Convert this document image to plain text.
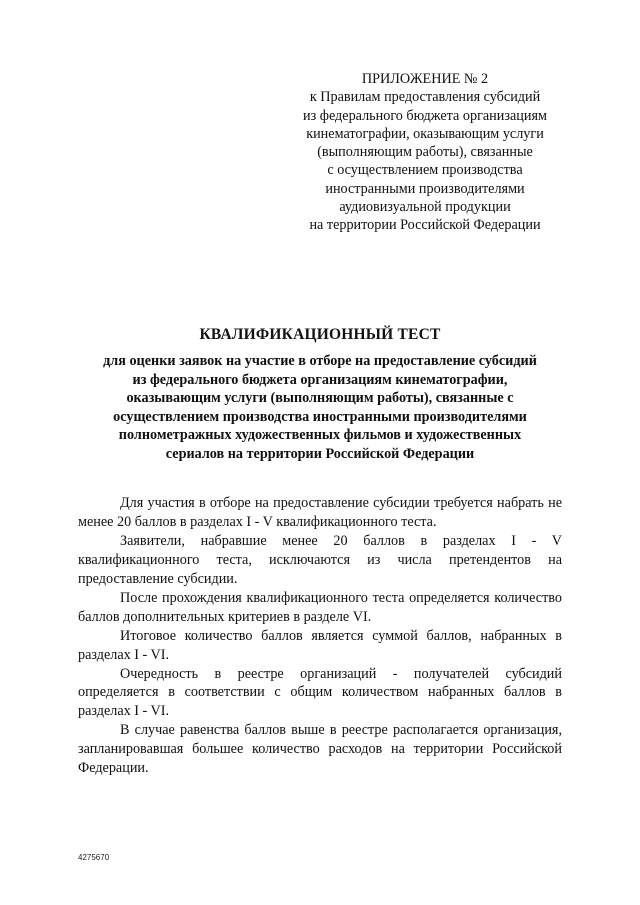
ПРИЛОЖЕНИЕ № 2
к Правилам предоставления субсидий
из федерального бюджета организациям
кинематографии, оказывающим услуги
(выполняющим работы), связанные
с осуществлением производства
иностранными производителями
аудиовизуальной продукции
на территории Российской Федерации
КВАЛИФИКАЦИОННЫЙ ТЕСТ
для оценки заявок на участие в отборе на предоставление субсидий
из федерального бюджета организациям кинематографии,
оказывающим услуги (выполняющим работы), связанные с
осуществлением производства иностранными производителями
полнометражных художественных фильмов и художественных
сериалов на территории Российской Федерации

Для участия в отборе на предоставление субсидии требуется набрать не менее 20 баллов в разделах I - V квалификационного теста.

Заявители, набравшие менее 20 баллов в разделах I - V квалификационного теста, исключаются из числа претендентов на предоставление субсидии.

После прохождения квалификационного теста определяется количество баллов дополнительных критериев в разделе VI.

Итоговое количество баллов является суммой баллов, набранных в разделах I - VI.

Очередность в реестре организаций - получателей субсидий определяется в соответствии с общим количеством набранных баллов в разделах I - VI.

В случае равенства баллов выше в реестре располагается организация, запланировавшая большее количество расходов на территории Российской Федерации.

4275670
